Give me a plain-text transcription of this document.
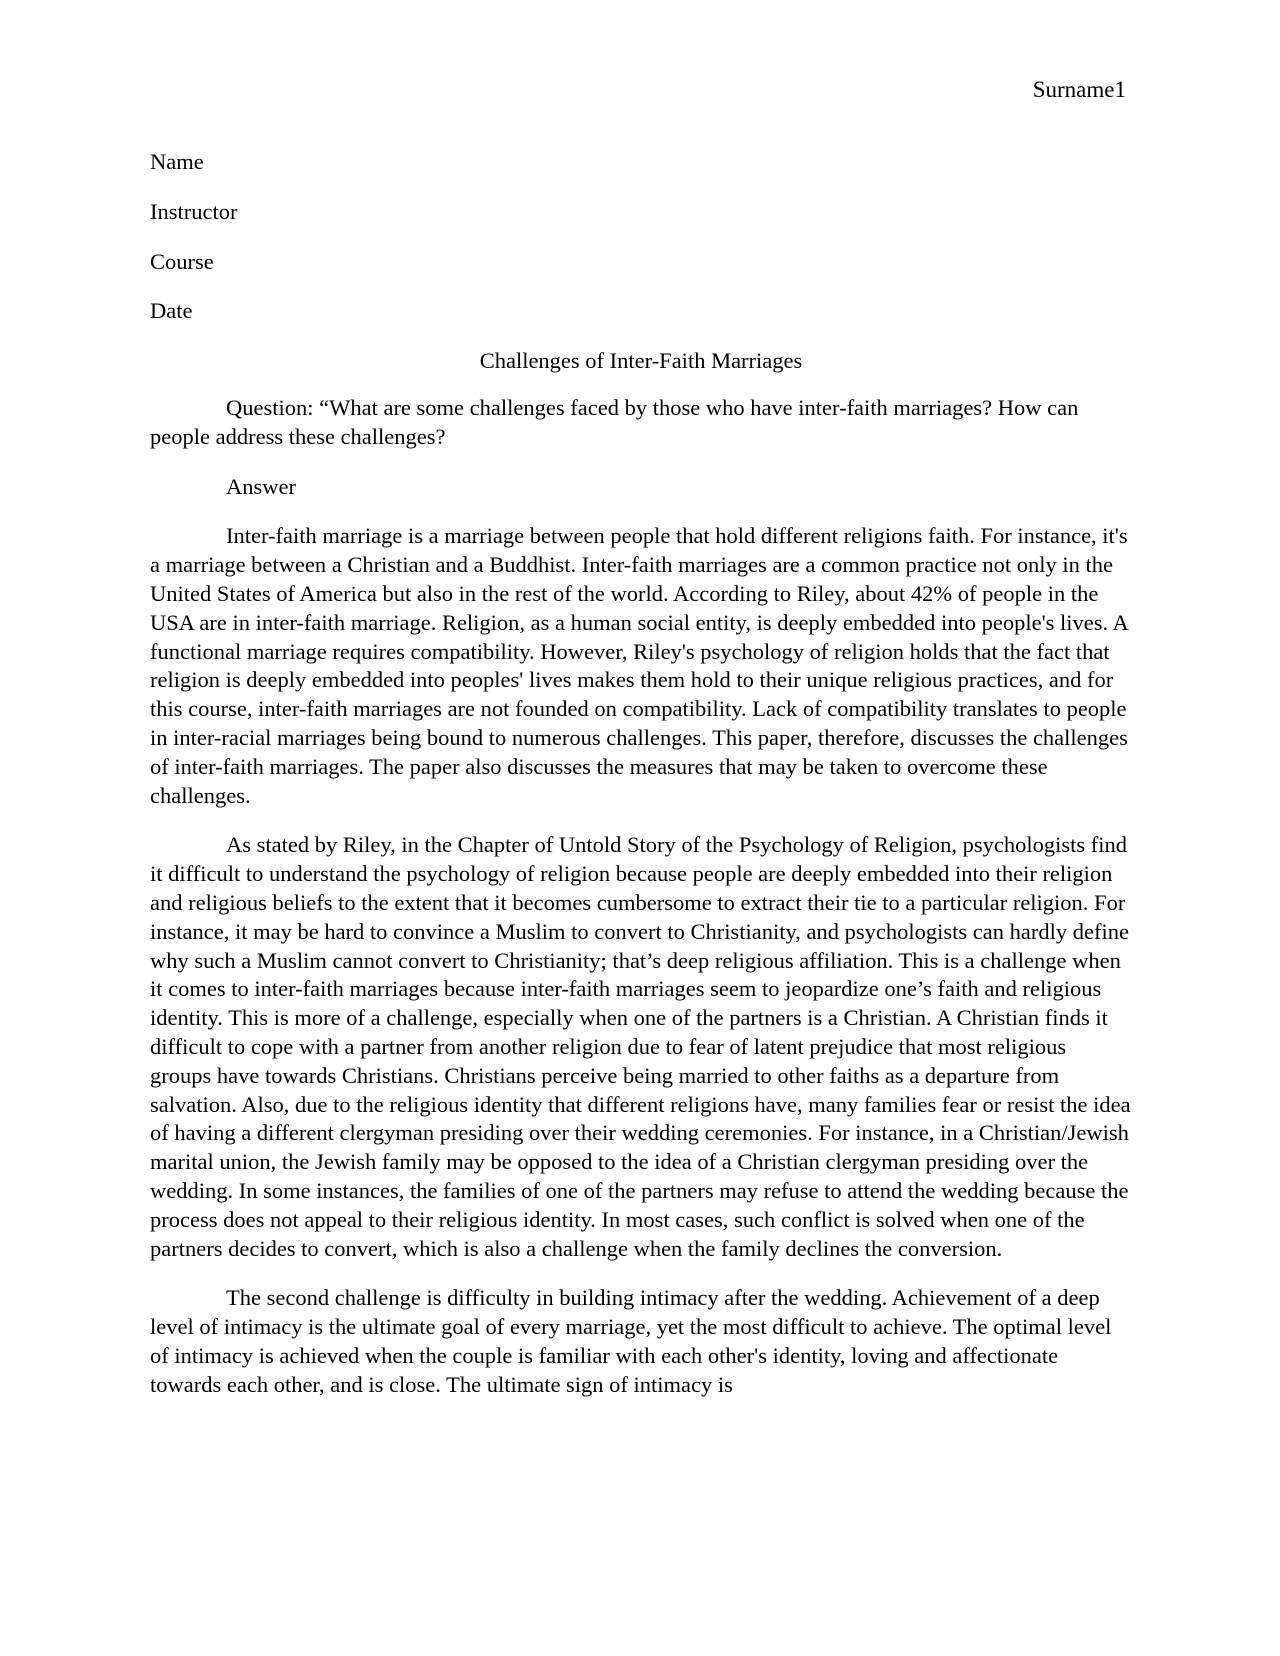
Surname1
Name
Instructor
Course
Date
Challenges of Inter-Faith Marriages

Question: “What are some challenges faced by those who have inter-faith marriages? How can people address these challenges?

Answer

Inter-faith marriage is a marriage between people that hold different religions faith. For instance, it's a marriage between a Christian and a Buddhist. Inter-faith marriages are a common practice not only in the United States of America but also in the rest of the world. According to Riley, about 42% of people in the USA are in inter-faith marriage. Religion, as a human social entity, is deeply embedded into people's lives. A functional marriage requires compatibility. However, Riley's psychology of religion holds that the fact that religion is deeply embedded into peoples' lives makes them hold to their unique religious practices, and for this course, inter-faith marriages are not founded on compatibility. Lack of compatibility translates to people in inter-racial marriages being bound to numerous challenges. This paper, therefore, discusses the challenges of inter-faith marriages. The paper also discusses the measures that may be taken to overcome these challenges.

As stated by Riley, in the Chapter of Untold Story of the Psychology of Religion, psychologists find it difficult to understand the psychology of religion because people are deeply embedded into their religion and religious beliefs to the extent that it becomes cumbersome to extract their tie to a particular religion. For instance, it may be hard to convince a Muslim to convert to Christianity, and psychologists can hardly define why such a Muslim cannot convert to Christianity; that’s deep religious affiliation. This is a challenge when it comes to inter-faith marriages because inter-faith marriages seem to jeopardize one’s faith and religious identity. This is more of a challenge, especially when one of the partners is a Christian. A Christian finds it difficult to cope with a partner from another religion due to fear of latent prejudice that most religious groups have towards Christians. Christians perceive being married to other faiths as a departure from salvation. Also, due to the religious identity that different religions have, many families fear or resist the idea of having a different clergyman presiding over their wedding ceremonies. For instance, in a Christian/Jewish marital union, the Jewish family may be opposed to the idea of a Christian clergyman presiding over the wedding. In some instances, the families of one of the partners may refuse to attend the wedding because the process does not appeal to their religious identity. In most cases, such conflict is solved when one of the partners decides to convert, which is also a challenge when the family declines the conversion.

The second challenge is difficulty in building intimacy after the wedding. Achievement of a deep level of intimacy is the ultimate goal of every marriage, yet the most difficult to achieve. The optimal level of intimacy is achieved when the couple is familiar with each other's identity, loving and affectionate towards each other, and is close. The ultimate sign of intimacy is
